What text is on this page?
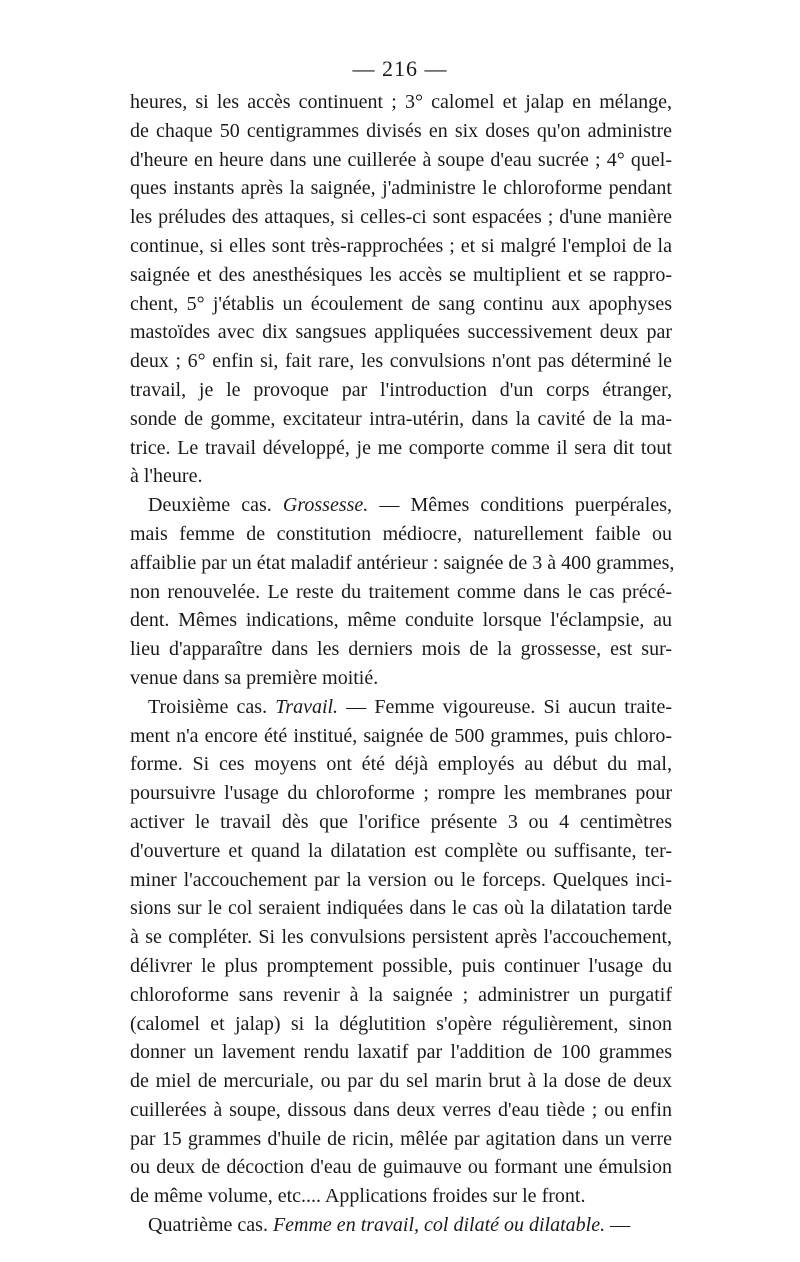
— 216 —
heures, si les accès continuent ; 3° calomel et jalap en mélange,
de chaque 50 centigrammes divisés en six doses qu'on administre
d'heure en heure dans une cuillerée à soupe d'eau sucrée ; 4° quel-
ques instants après la saignée, j'administre le chloroforme pendant
les préludes des attaques, si celles-ci sont espacées ; d'une manière
continue, si elles sont très-rapprochées ; et si malgré l'emploi de la
saignée et des anesthésiques les accès se multiplient et se rappro-
chent, 5° j'établis un écoulement de sang continu aux apophyses
mastoïdes avec dix sangsues appliquées successivement deux par
deux ; 6° enfin si, fait rare, les convulsions n'ont pas déterminé le
travail, je le provoque par l'introduction d'un corps étranger,
sonde de gomme, excitateur intra-utérin, dans la cavité de la ma-
trice. Le travail développé, je me comporte comme il sera dit tout
à l'heure.
Deuxième cas. Grossesse. — Mêmes conditions puerpérales,
mais femme de constitution médiocre, naturellement faible ou
affaiblie par un état maladif antérieur : saignée de 3 à 400 grammes,
non renouvelée. Le reste du traitement comme dans le cas précé-
dent. Mêmes indications, même conduite lorsque l'éclampsie, au
lieu d'apparaître dans les derniers mois de la grossesse, est sur-
venue dans sa première moitié.
Troisième cas. Travail. — Femme vigoureuse. Si aucun traite-
ment n'a encore été institué, saignée de 500 grammes, puis chloro-
forme. Si ces moyens ont été déjà employés au début du mal,
poursuivre l'usage du chloroforme ; rompre les membranes pour
activer le travail dès que l'orifice présente 3 ou 4 centimètres
d'ouverture et quand la dilatation est complète ou suffisante, ter-
miner l'accouchement par la version ou le forceps. Quelques inci-
sions sur le col seraient indiquées dans le cas où la dilatation tarde
à se compléter. Si les convulsions persistent après l'accouchement,
délivrer le plus promptement possible, puis continuer l'usage du
chloroforme sans revenir à la saignée ; administrer un purgatif
(calomel et jalap) si la déglutition s'opère régulièrement, sinon
donner un lavement rendu laxatif par l'addition de 100 grammes
de miel de mercuriale, ou par du sel marin brut à la dose de deux
cuillerées à soupe, dissous dans deux verres d'eau tiède ; ou enfin
par 15 grammes d'huile de ricin, mêlée par agitation dans un verre
ou deux de décoction d'eau de guimauve ou formant une émulsion
de même volume, etc.... Applications froides sur le front.
Quatrième cas. Femme en travail, col dilaté ou dilatable. —
